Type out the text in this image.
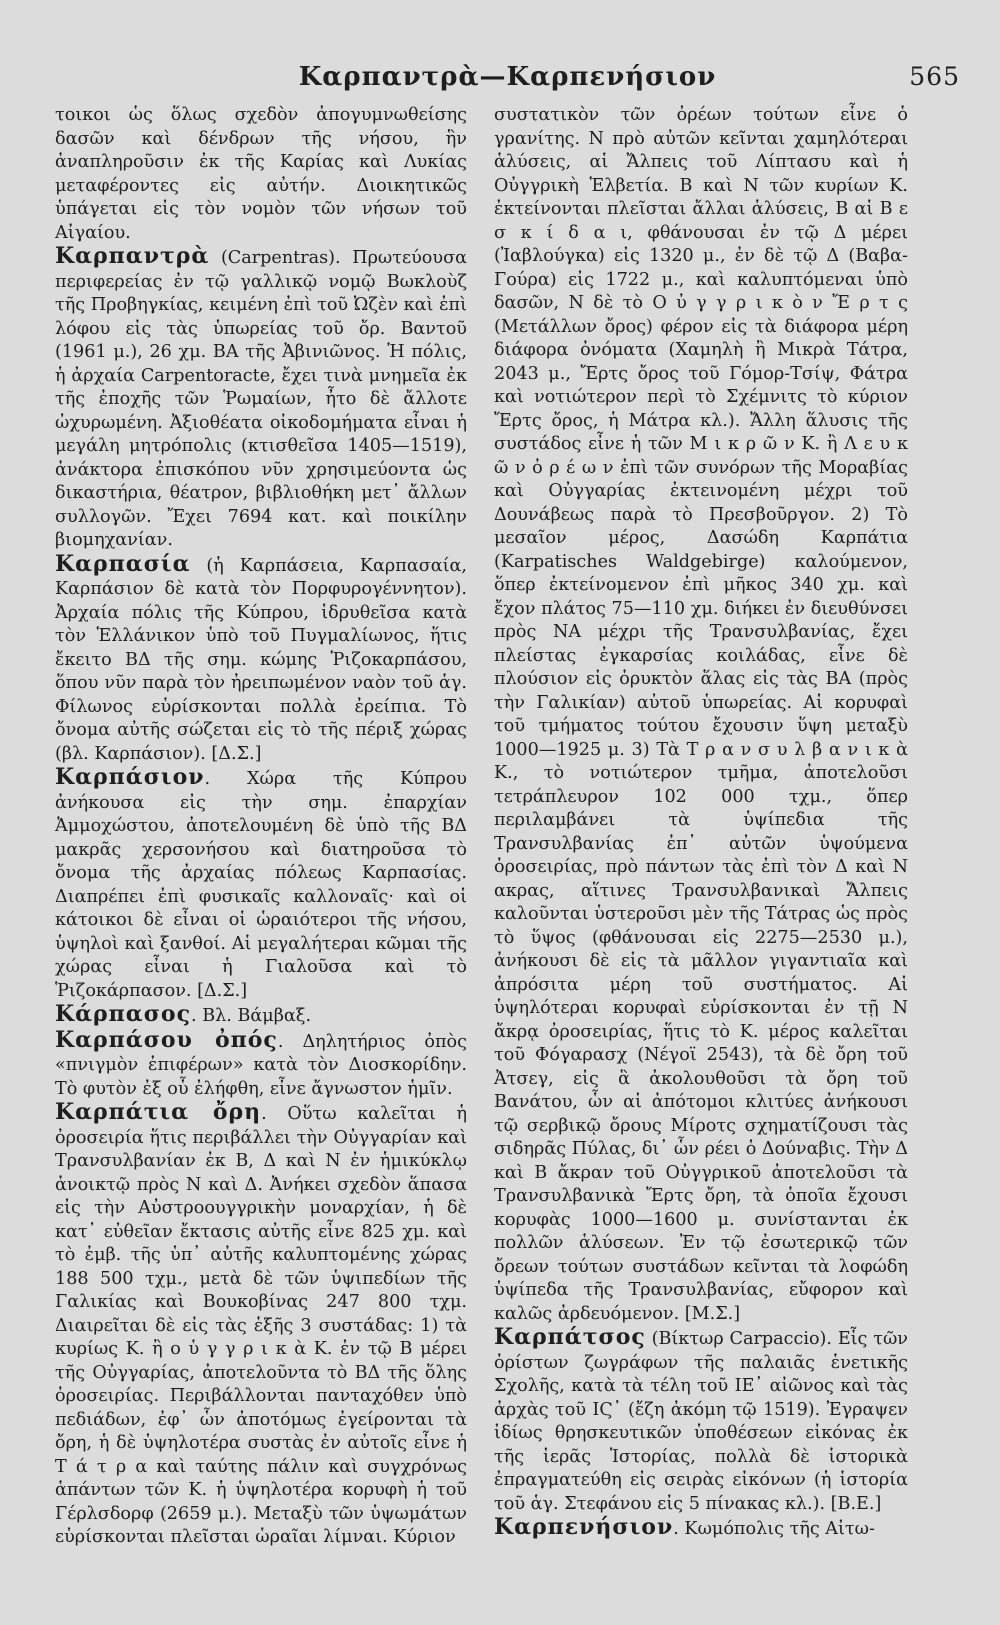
Καρπαντρὰ—Καρπενήσιον	565

τοικοι ὡς ὅλως σχεδὸν ἀπογυμνωθείσης δασῶν καὶ δένδρων τῆς νήσου, ἣν ἀναπληροῦσιν ἐκ τῆς Καρίας καὶ Λυκίας μεταφέροντες εἰς αὐτήν. Διοικητικῶς ὑπάγεται εἰς τὸν νομὸν τῶν νήσων τοῦ Αἰγαίου.

Καρπαντρὰ (Carpentras). Πρωτεύουσα περιφερείας ἐν τῷ γαλλικῷ νομῷ Βωκλοὺζ τῆς Προβηγκίας, κειμένη ἐπὶ τοῦ Ὠζὲν καὶ ἐπὶ λόφου εἰς τὰς ὑπωρείας τοῦ ὄρ. Βαντοῦ (1961 μ.), 26 χμ. ΒΑ τῆς Ἀβινιῶνος. Ἡ πόλις, ἡ ἀρχαία Carpentoracte, ἔχει τινὰ μνημεῖα ἐκ τῆς ἐποχῆς τῶν Ῥωμαίων, ἦτο δὲ ἄλλοτε ὠχυρωμένη. Ἀξιοθέατα οἰκοδομήματα εἶναι ἡ μεγάλη μητρόπολις (κτισθεῖσα 1405—1519), ἀνάκτορα ἐπισκόπου νῦν χρησιμεύοντα ὡς δικαστήρια, θέατρον, βιβλιοθήκη μετ᾽ ἄλλων συλλογῶν. Ἔχει 7694 κατ. καὶ ποικίλην βιομηχανίαν.

Καρπασία (ἡ Καρπάσεια, Καρπασαία, Καρπάσιον δὲ κατὰ τὸν Πορφυρογέννητον). Ἀρχαία πόλις τῆς Κύπρου, ἱδρυθεῖσα κατὰ τὸν Ἑλλάνικον ὑπὸ τοῦ Πυγμαλίωνος, ἥτις ἔκειτο ΒΔ τῆς σημ. κώμης Ῥιζοκαρπάσου, ὅπου νῦν παρὰ τὸν ἠρειπωμένον ναὸν τοῦ ἁγ. Φίλωνος εὑρίσκονται πολλὰ ἐρείπια. Τὸ ὄνομα αὐτῆς σώζεται εἰς τὸ τῆς πέριξ χώρας (βλ. Καρπάσιον). [Δ.Σ.]

Καρπάσιον. Χώρα τῆς Κύπρου ἀνήκουσα εἰς τὴν σημ. ἐπαρχίαν Ἀμμοχώστου, ἀποτελουμένη δὲ ὑπὸ τῆς ΒΔ μακρᾶς χερσονήσου καὶ διατηροῦσα τὸ ὄνομα τῆς ἀρχαίας πόλεως Καρπασίας. Διαπρέπει ἐπὶ φυσικαῖς καλλοναῖς· καὶ οἱ κάτοικοι δὲ εἶναι οἱ ὡραιότεροι τῆς νήσου, ὑψηλοὶ καὶ ξανθοί. Αἱ μεγαλήτεραι κῶμαι τῆς χώρας εἶναι ἡ Γιαλοῦσα καὶ τὸ Ῥιζοκάρπασον. [Δ.Σ.]

Κάρπασος. Βλ. Βάμβαξ.

Καρπάσου ὀπός. Δηλητήριος ὀπὸς «πνιγμὸν ἐπιφέρων» κατὰ τὸν Διοσκορίδην. Τὸ φυτὸν ἐξ οὗ ἐλήφθη, εἶνε ἄγνωστον ἡμῖν.

Καρπάτια ὄρη. Οὕτω καλεῖται ἡ ὀροσειρία ἥτις περιβάλλει τὴν Οὐγγαρίαν καὶ Τρανσυλβανίαν ἐκ Β, Δ καὶ Ν ἐν ἡμικύκλῳ ἀνοικτῷ πρὸς Ν καὶ Δ. Ἀνήκει σχεδὸν ἅπασα εἰς τὴν Αὐστροουγγρικὴν μοναρχίαν, ἡ δὲ κατ᾽ εὐθεῖαν ἔκτασις αὐτῆς εἶνε 825 χμ. καὶ τὸ ἐμβ. τῆς ὑπ᾽ αὐτῆς καλυπτομένης χώρας 188 500 τχμ., μετὰ δὲ τῶν ὑψιπεδίων τῆς Γαλικίας καὶ Βουκοβίνας 247 800 τχμ. Διαιρεῖται δὲ εἰς τὰς ἑξῆς 3 συστάδας: 1) τὰ κυρίως Κ. ἢ ο ὑ γ γ ρ ι κ ὰ Κ. ἐν τῷ Β μέρει τῆς Οὐγγαρίας, ἀποτελοῦντα τὸ ΒΔ τῆς ὅλης ὀροσειρίας. Περιβάλλονται πανταχόθεν ὑπὸ πεδιάδων, ἐφ᾽ ὧν ἀποτόμως ἐγείρονται τὰ ὄρη, ἡ δὲ ὑψηλοτέρα συστὰς ἐν αὐτοῖς εἶνε ἡ Τ ά τ ρ α καὶ ταύτης πάλιν καὶ συγχρόνως ἁπάντων τῶν Κ. ἡ ὑψηλοτέρα κορυφὴ ἡ τοῦ Γέρλσδορφ (2659 μ.). Μεταξὺ τῶν ὑψωμάτων εὑρίσκονται πλεῖσται ὡραῖαι λίμναι. Κύριον

συστατικὸν τῶν ὀρέων τούτων εἶνε ὁ γρανίτης. Ν πρὸ αὐτῶν κεῖνται χαμηλότεραι ἁλύσεις, αἱ Ἄλπεις τοῦ Λίπτασυ καὶ ἡ Οὐγγρικὴ Ἑλβετία. Β καὶ Ν τῶν κυρίων Κ. ἐκτείνονται πλεῖσται ἄλλαι ἁλύσεις, Β αἱ Β ε σ κ ί δ α ι, φθάνουσαι ἐν τῷ Δ μέρει (Ἰαβλούγκα) εἰς 1320 μ., ἐν δὲ τῷ Δ (Βαβα-Γούρα) εἰς 1722 μ., καὶ καλυπτόμεναι ὑπὸ δασῶν, Ν δὲ τὸ Ο ὐ γ γ ρ ι κ ὸ ν Ἔ ρ τ ς (Μετάλλων ὄρος) φέρον εἰς τὰ διάφορα μέρη διάφορα ὀνόματα (Χαμηλὴ ἢ Μικρὰ Τάτρα, 2043 μ., Ἔρτς ὄρος τοῦ Γόμορ-Τσίψ, Φάτρα καὶ νοτιώτερον περὶ τὸ Σχέμνιτς τὸ κύριον Ἔρτς ὄρος, ἡ Μάτρα κλ.). Ἄλλη ἅλυσις τῆς συστάδος εἶνε ἡ τῶν Μ ι κ ρ ῶ ν Κ. ἢ Λ ε υ κ ῶ ν ὀ ρ έ ω ν ἐπὶ τῶν συνόρων τῆς Μοραβίας καὶ Οὐγγαρίας ἐκτεινομένη μέχρι τοῦ Δουνάβεως παρὰ τὸ Πρεσβοῦργον. 2) Τὸ μεσαῖον μέρος, Δασώδη Καρπάτια (Karpatisches Waldgebirge) καλούμενον, ὅπερ ἐκτείνομενον ἐπὶ μῆκος 340 χμ. καὶ ἔχον πλάτος 75—110 χμ. διήκει ἐν διευθύνσει πρὸς ΝΑ μέχρι τῆς Τρανσυλβανίας, ἔχει πλείστας ἐγκαρσίας κοιλάδας, εἶνε δὲ πλούσιον εἰς ὀρυκτὸν ἅλας εἰς τὰς ΒΑ (πρὸς τὴν Γαλικίαν) αὐτοῦ ὑπωρείας. Αἱ κορυφαὶ τοῦ τμήματος τούτου ἔχουσιν ὕψη μεταξὺ 1000—1925 μ. 3) Τὰ Τ ρ α ν σ υ λ β α ν ι κ ὰ Κ., τὸ νοτιώτερον τμῆμα, ἀποτελοῦσι τετράπλευρον 102 000 τχμ., ὅπερ περιλαμβάνει τὰ ὑψίπεδια τῆς Τρανσυλβανίας ἐπ᾽ αὐτῶν ὑψούμενα ὀροσειρίας, πρὸ πάντων τὰς ἐπὶ τὸν Δ καὶ Ν ακρας, αἵτινες Τρανσυλβανικαὶ Ἄλπεις καλοῦνται ὑστεροῦσι μὲν τῆς Τάτρας ὡς πρὸς τὸ ὕψος (φθάνουσαι εἰς 2275—2530 μ.), ἀνήκουσι δὲ εἰς τὰ μᾶλλον γιγαντιαῖα καὶ ἀπρόσιτα μέρη τοῦ συστήματος. Αἱ ὑψηλότεραι κορυφαὶ εὑρίσκονται ἐν τῇ Ν ἄκρᾳ ὀροσειρίας, ἥτις τὸ Κ. μέρος καλεῖται τοῦ Φόγαρασχ (Νέγοϊ 2543), τὰ δὲ ὄρη τοῦ Ἀτσεγ, εἰς ἃ ἀκολουθοῦσι τὰ ὄρη τοῦ Βανάτου, ὧν αἱ ἀπότομοι κλιτύες ἀνήκουσι τῷ σερβικῷ ὄρους Μίροτς σχηματίζουσι τὰς σιδηρᾶς Πύλας, δι᾽ ὧν ρέει ὁ Δούναβις. Τὴν Δ καὶ Β ἄκραν τοῦ Οὐγγρικοῦ ἀποτελοῦσι τὰ Τρανσυλβανικὰ Ἔρτς ὄρη, τὰ ὁποῖα ἔχουσι κορυφὰς 1000—1600 μ. συνίστανται ἐκ πολλῶν ἁλύσεων. Ἐν τῷ ἐσωτερικῷ τῶν ὄρεων τούτων συστάδων κεῖνται τὰ λοφώδη ὑψίπεδα τῆς Τρανσυλβανίας, εὔφορον καὶ καλῶς ἀρδευόμενον. [Μ.Σ.]

Καρπάτσος (Βίκτωρ Carpaccio). Εἷς τῶν ὀρίστων ζωγράφων τῆς παλαιᾶς ἑνετικῆς Σχολῆς, κατὰ τὰ τέλη τοῦ ΙΕ᾽ αἰῶνος καὶ τὰς ἀρχὰς τοῦ ΙϚ᾽ (ἔζη ἀκόμη τῷ 1519). Ἐγραψεν ἰδίως θρησκευτικῶν ὑποθέσεων εἰκόνας ἐκ τῆς ἱερᾶς Ἱστορίας, πολλὰ δὲ ἱστορικὰ ἐπραγματεύθη εἰς σειρὰς εἰκόνων (ἡ ἱστορία τοῦ ἁγ. Στεφάνου εἰς 5 πίνακας κλ.). [Β.Ε.]

Καρπενήσιον. Κωμόπολις τῆς Αἰτω-
